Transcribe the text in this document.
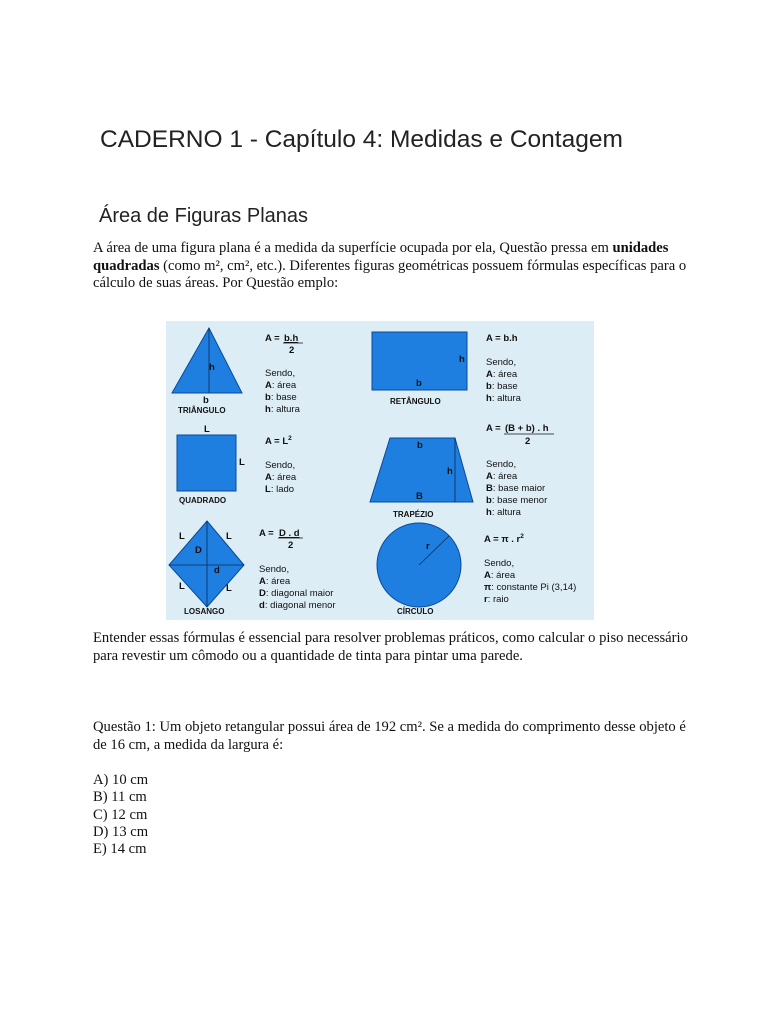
CADERNO 1 - Capítulo 4: Medidas e Contagem
Área de Figuras Planas

A área de uma figura plana é a medida da superfície ocupada por ela, Questão pressa em unidades quadradas (como m², cm², etc.). Diferentes figuras geométricas possuem fórmulas específicas para o cálculo de suas áreas. Por Questão emplo:

h
b
TRIÂNGULO
A = b.h
2
Sendo,
A: área
b: base
h: altura
h
b
RETÂNGULO
A = b.h
Sendo,
A: área
b: base
h: altura
L
L
QUADRADO
$A = L^2$
Sendo,
A: área
L: lado
b
h
B
TRAPÉZIO
A = (B + b) . h
2
Sendo,
A: área
B: base maior
b: base menor
h: altura
L	L
L	L
D
d
LOSANGO
A = D . d
2
Sendo,
A: área
D: diagonal maior
d: diagonal menor
r
CÍRCULO
A = π . $r^2$
Sendo,
A: área
π: constante Pi (3,14)
r: raio

Entender essas fórmulas é essencial para resolver problemas práticos, como calcular o piso necessário para revestir um cômodo ou a quantidade de tinta para pintar uma parede.

Questão 1: Um objeto retangular possui área de 192 cm². Se a medida do comprimento desse objeto é de 16 cm, a medida da largura é:

A) 10 cm
B) 11 cm
C) 12 cm
D) 13 cm
E) 14 cm
